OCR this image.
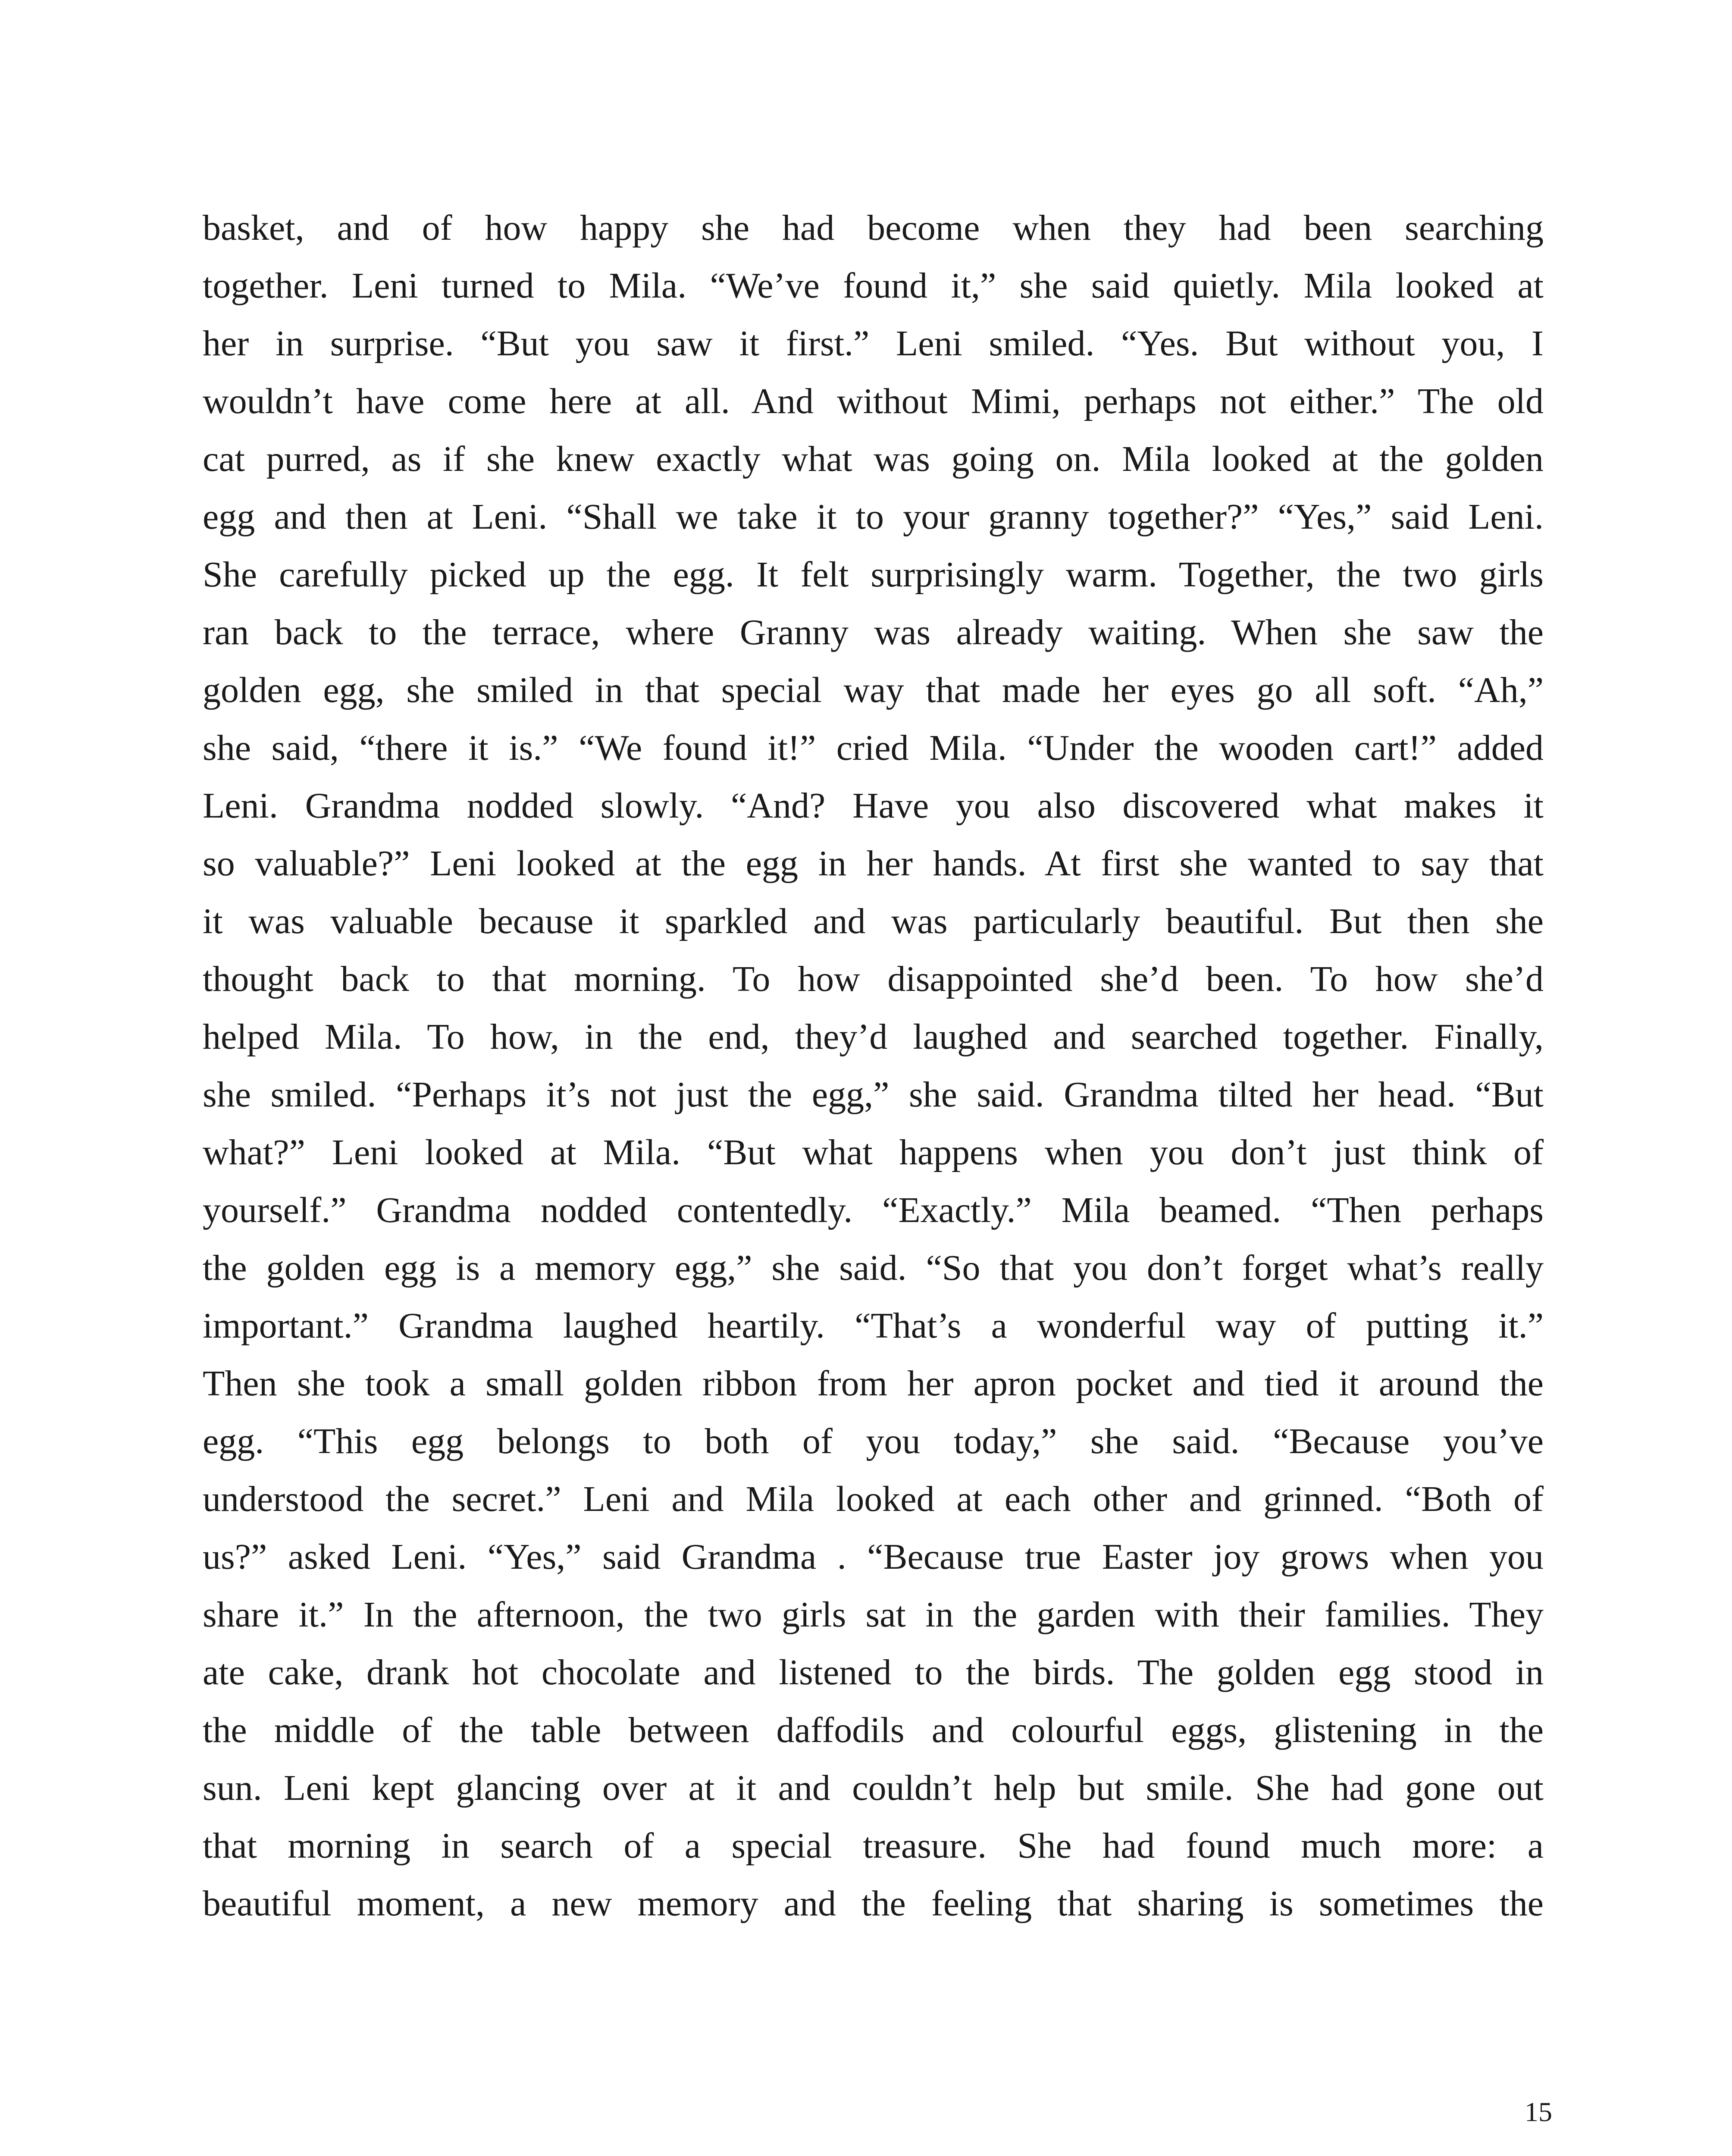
basket, and of how happy she had become when they had been searching
together. Leni turned to Mila. “We’ve found it,” she said quietly. Mila looked at
her in surprise. “But you saw it first.” Leni smiled. “Yes. But without you, I
wouldn’t have come here at all. And without Mimi, perhaps not either.” The old
cat purred, as if she knew exactly what was going on. Mila looked at the golden
egg and then at Leni. “Shall we take it to your granny together?” “Yes,” said Leni.
She carefully picked up the egg. It felt surprisingly warm. Together, the two girls
ran back to the terrace, where Granny was already waiting. When she saw the
golden egg, she smiled in that special way that made her eyes go all soft. “Ah,”
she said, “there it is.” “We found it!” cried Mila. “Under the wooden cart!” added
Leni. Grandma nodded slowly. “And? Have you also discovered what makes it
so valuable?” Leni looked at the egg in her hands. At first she wanted to say that
it was valuable because it sparkled and was particularly beautiful. But then she
thought back to that morning. To how disappointed she’d been. To how she’d
helped Mila. To how, in the end, they’d laughed and searched together. Finally,
she smiled. “Perhaps it’s not just the egg,” she said. Grandma tilted her head. “But
what?” Leni looked at Mila. “But what happens when you don’t just think of
yourself.” Grandma nodded contentedly. “Exactly.” Mila beamed. “Then perhaps
the golden egg is a memory egg,” she said. “So that you don’t forget what’s really
important.” Grandma laughed heartily. “That’s a wonderful way of putting it.”
Then she took a small golden ribbon from her apron pocket and tied it around the
egg. “This egg belongs to both of you today,” she said. “Because you’ve
understood the secret.” Leni and Mila looked at each other and grinned. “Both of
us?” asked Leni. “Yes,” said Grandma . “Because true Easter joy grows when you
share it.” In the afternoon, the two girls sat in the garden with their families. They
ate cake, drank hot chocolate and listened to the birds. The golden egg stood in
the middle of the table between daffodils and colourful eggs, glistening in the
sun. Leni kept glancing over at it and couldn’t help but smile. She had gone out
that morning in search of a special treasure. She had found much more: a
beautiful moment, a new memory and the feeling that sharing is sometimes the
15
